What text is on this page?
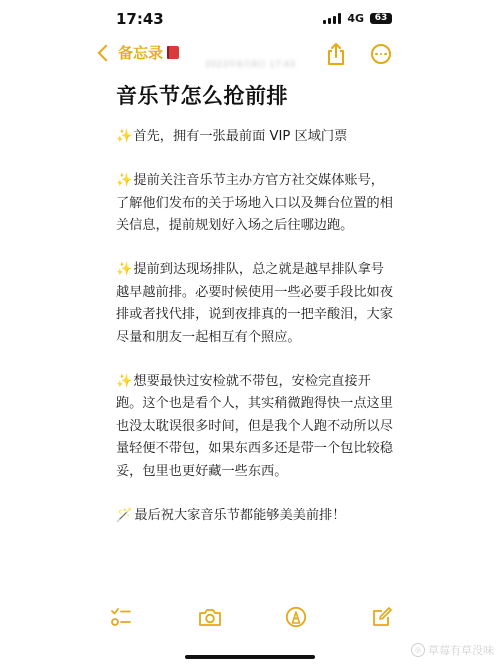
17:43	4G	63
备忘录
2023年6月8日 17:43
音乐节怎么抢前排

✨首先，拥有一张最前面 VIP 区域门票

✨提前关注音乐节主办方官方社交媒体账号，了解他们发布的关于场地入口以及舞台位置的相关信息，提前规划好入场之后往哪边跑。

✨提前到达现场排队，总之就是越早排队拿号越早越前排。必要时候使用一些必要手段比如夜排或者找代排，说到夜排真的一把辛酸泪，大家尽量和朋友一起相互有个照应。

✨想要最快过安检就不带包，安检完直接开跑。这个也是看个人，其实稍微跑得快一点这里也没太耽误很多时间，但是我个人跑不动所以尽量轻便不带包，如果东西多还是带一个包比较稳妥，包里也更好藏一些东西。

🪄 最后祝大家音乐节都能够美美前排！

◎ 草莓有草没味
